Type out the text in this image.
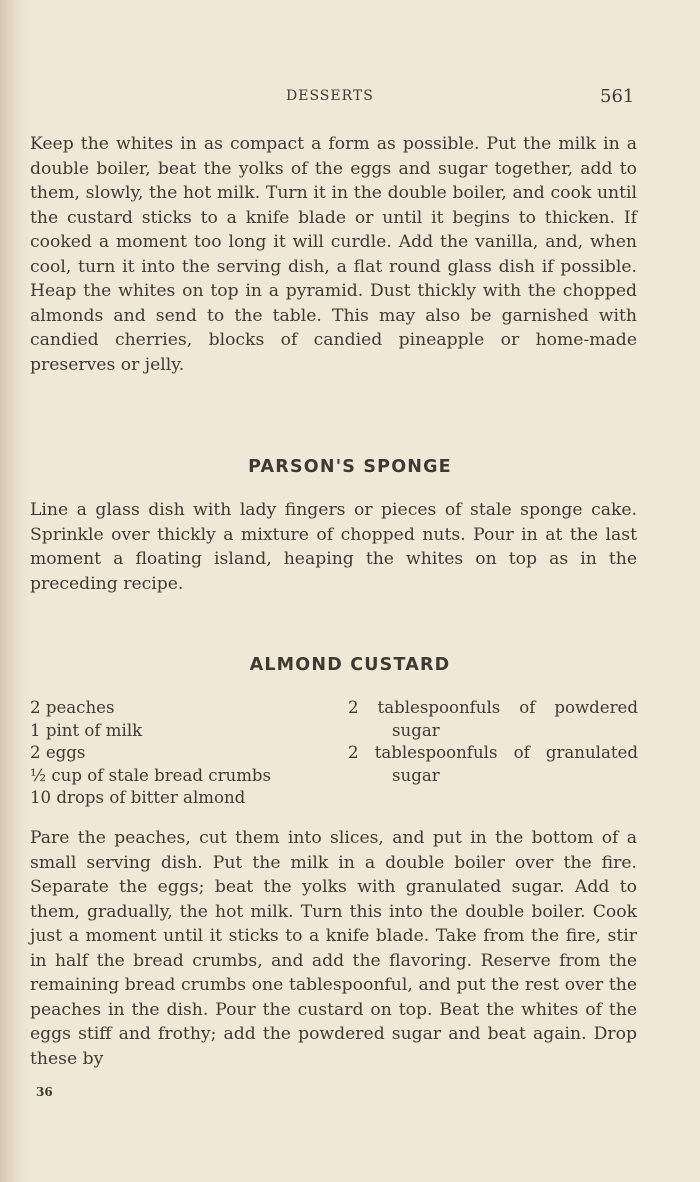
DESSERTS	561

Keep the whites in as compact a form as possible. Put the milk in a double boiler, beat the yolks of the eggs and sugar together, add to them, slowly, the hot milk. Turn it in the double boiler, and cook until the custard sticks to a knife blade or until it begins to thicken. If cooked a moment too long it will curdle. Add the vanilla, and, when cool, turn it into the serving dish, a flat round glass dish if possible. Heap the whites on top in a pyramid. Dust thickly with the chopped almonds and send to the table. This may also be garnished with candied cherries, blocks of candied pineapple or home-made preserves or jelly.

PARSON'S SPONGE

Line a glass dish with lady fingers or pieces of stale sponge cake. Sprinkle over thickly a mixture of chopped nuts. Pour in at the last moment a floating island, heaping the whites on top as in the preceding recipe.

ALMOND CUSTARD
2 peaches
1 pint of milk
2 eggs
½ cup of stale bread crumbs
10 drops of bitter almond
2 tablespoonfuls of powdered
sugar
2 tablespoonfuls of granulated
sugar

Pare the peaches, cut them into slices, and put in the bottom of a small serving dish. Put the milk in a double boiler over the fire. Separate the eggs; beat the yolks with granulated sugar. Add to them, gradually, the hot milk. Turn this into the double boiler. Cook just a moment until it sticks to a knife blade. Take from the fire, stir in half the bread crumbs, and add the flavoring. Reserve from the remaining bread crumbs one tablespoonful, and put the rest over the peaches in the dish. Pour the custard on top. Beat the whites of the eggs stiff and frothy; add the powdered sugar and beat again. Drop these by

36
